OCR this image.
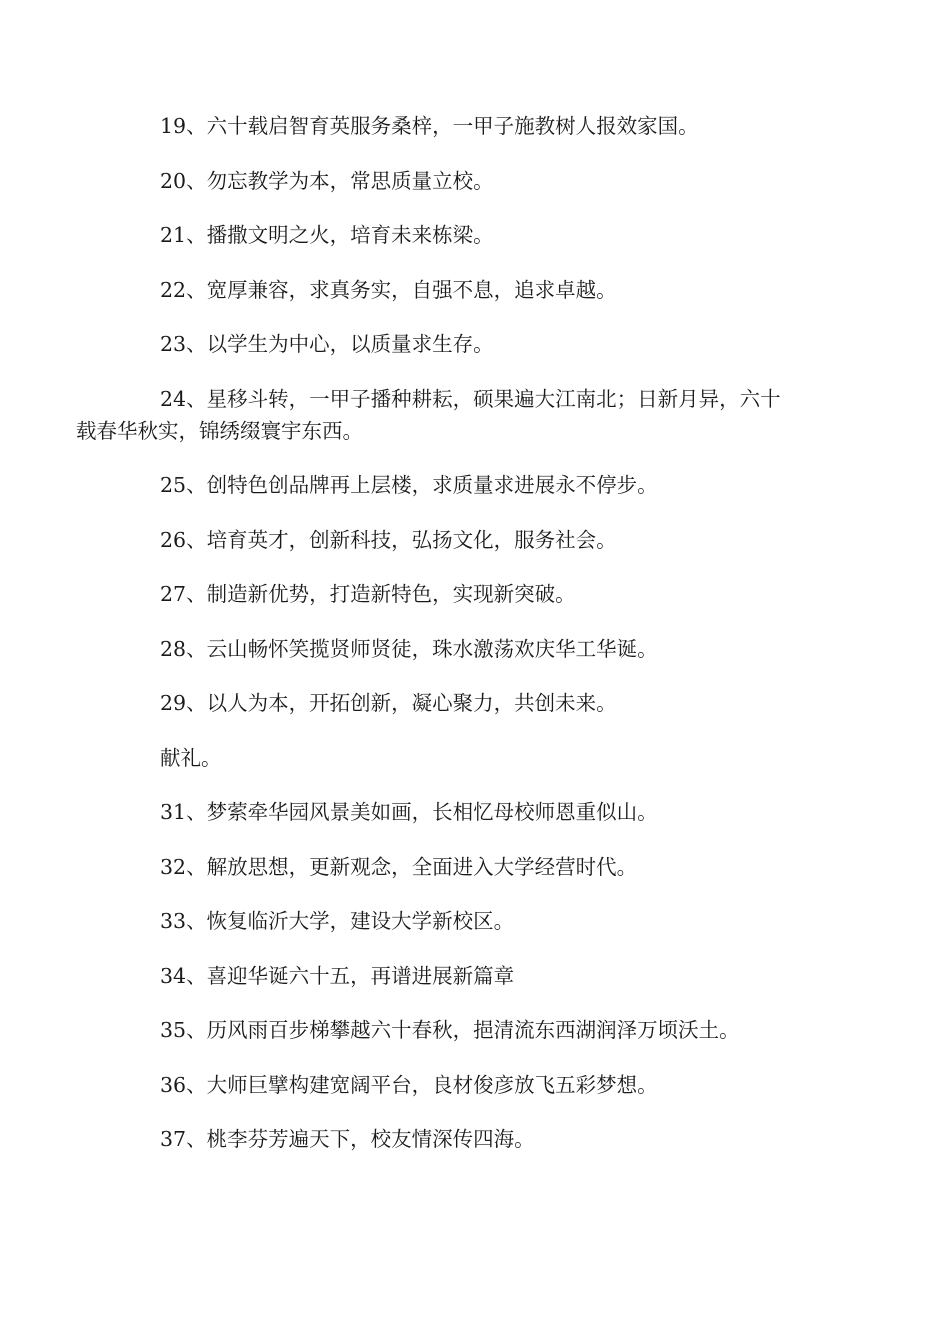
19、六十载启智育英服务桑梓，一甲子施教树人报效家国。

20、勿忘教学为本，常思质量立校。

21、播撒文明之火，培育未来栋梁。

22、宽厚兼容，求真务实，自强不息，追求卓越。

23、以学生为中心，以质量求生存。

24、星移斗转，一甲子播种耕耘，硕果遍大江南北；日新月异，六十
载春华秋实，锦绣缀寰宇东西。

25、创特色创品牌再上层楼，求质量求进展永不停步。

26、培育英才，创新科技，弘扬文化，服务社会。

27、制造新优势，打造新特色，实现新突破。

28、云山畅怀笑揽贤师贤徒，珠水激荡欢庆华工华诞。

29、以人为本，开拓创新，凝心聚力，共创未来。

献礼。

31、梦萦牵华园风景美如画，长相忆母校师恩重似山。

32、解放思想，更新观念，全面进入大学经营时代。

33、恢复临沂大学，建设大学新校区。

34、喜迎华诞六十五，再谱进展新篇章

35、历风雨百步梯攀越六十春秋，挹清流东西湖润泽万顷沃土。

36、大师巨擘构建宽阔平台，良材俊彦放飞五彩梦想。

37、桃李芬芳遍天下，校友情深传四海。
